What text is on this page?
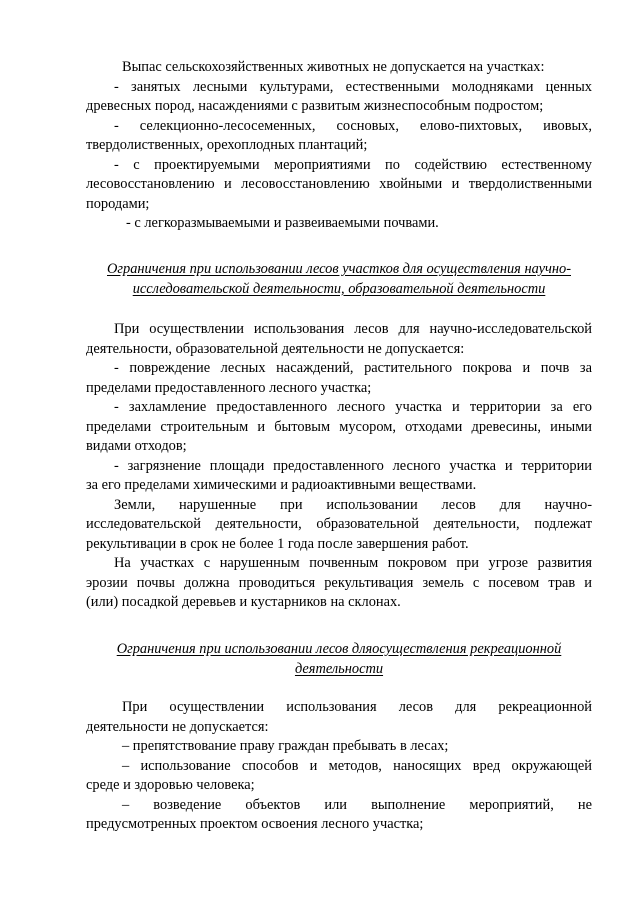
Выпас сельскохозяйственных животных не допускается на участках:
- занятых лесными культурами, естественными молодняками ценных
древесных пород, насаждениями с развитым жизнеспособным подростом;
- селекционно-лесосеменных, сосновых, елово-пихтовых, ивовых,
твердолиственных, орехоплодных плантаций;
- с проектируемыми мероприятиями по содействию естественному
лесовосстановлению и лесовосстановлению хвойными и твердолиственными
породами;
- с легкоразмываемыми и развеиваемыми почвами.
Ограничения при использовании лесов участков для осуществления научно-
исследовательской деятельности, образовательной деятельности
При осуществлении использования лесов для научно-исследовательской
деятельности, образовательной деятельности не допускается:
- повреждение лесных насаждений, растительного покрова и почв за
пределами предоставленного лесного участка;
- захламление предоставленного лесного участка и территории за его
пределами строительным и бытовым мусором, отходами древесины, иными
видами отходов;
- загрязнение площади предоставленного лесного участка и территории
за его пределами химическими и радиоактивными веществами.
Земли, нарушенные при использовании лесов для научно-
исследовательской деятельности, образовательной деятельности, подлежат
рекультивации в срок не более 1 года после завершения работ.
На участках с нарушенным почвенным покровом при угрозе развития
эрозии почвы должна проводиться рекультивация земель с посевом трав и
(или) посадкой деревьев и кустарников на склонах.
Ограничения при использовании лесов дляосуществления рекреационной
деятельности
При осуществлении использования лесов для рекреационной
деятельности не допускается:
– препятствование праву граждан пребывать в лесах;
– использование способов и методов, наносящих вред окружающей
среде и здоровью человека;
– возведение объектов или выполнение мероприятий, не
предусмотренных проектом освоения лесного участка;
